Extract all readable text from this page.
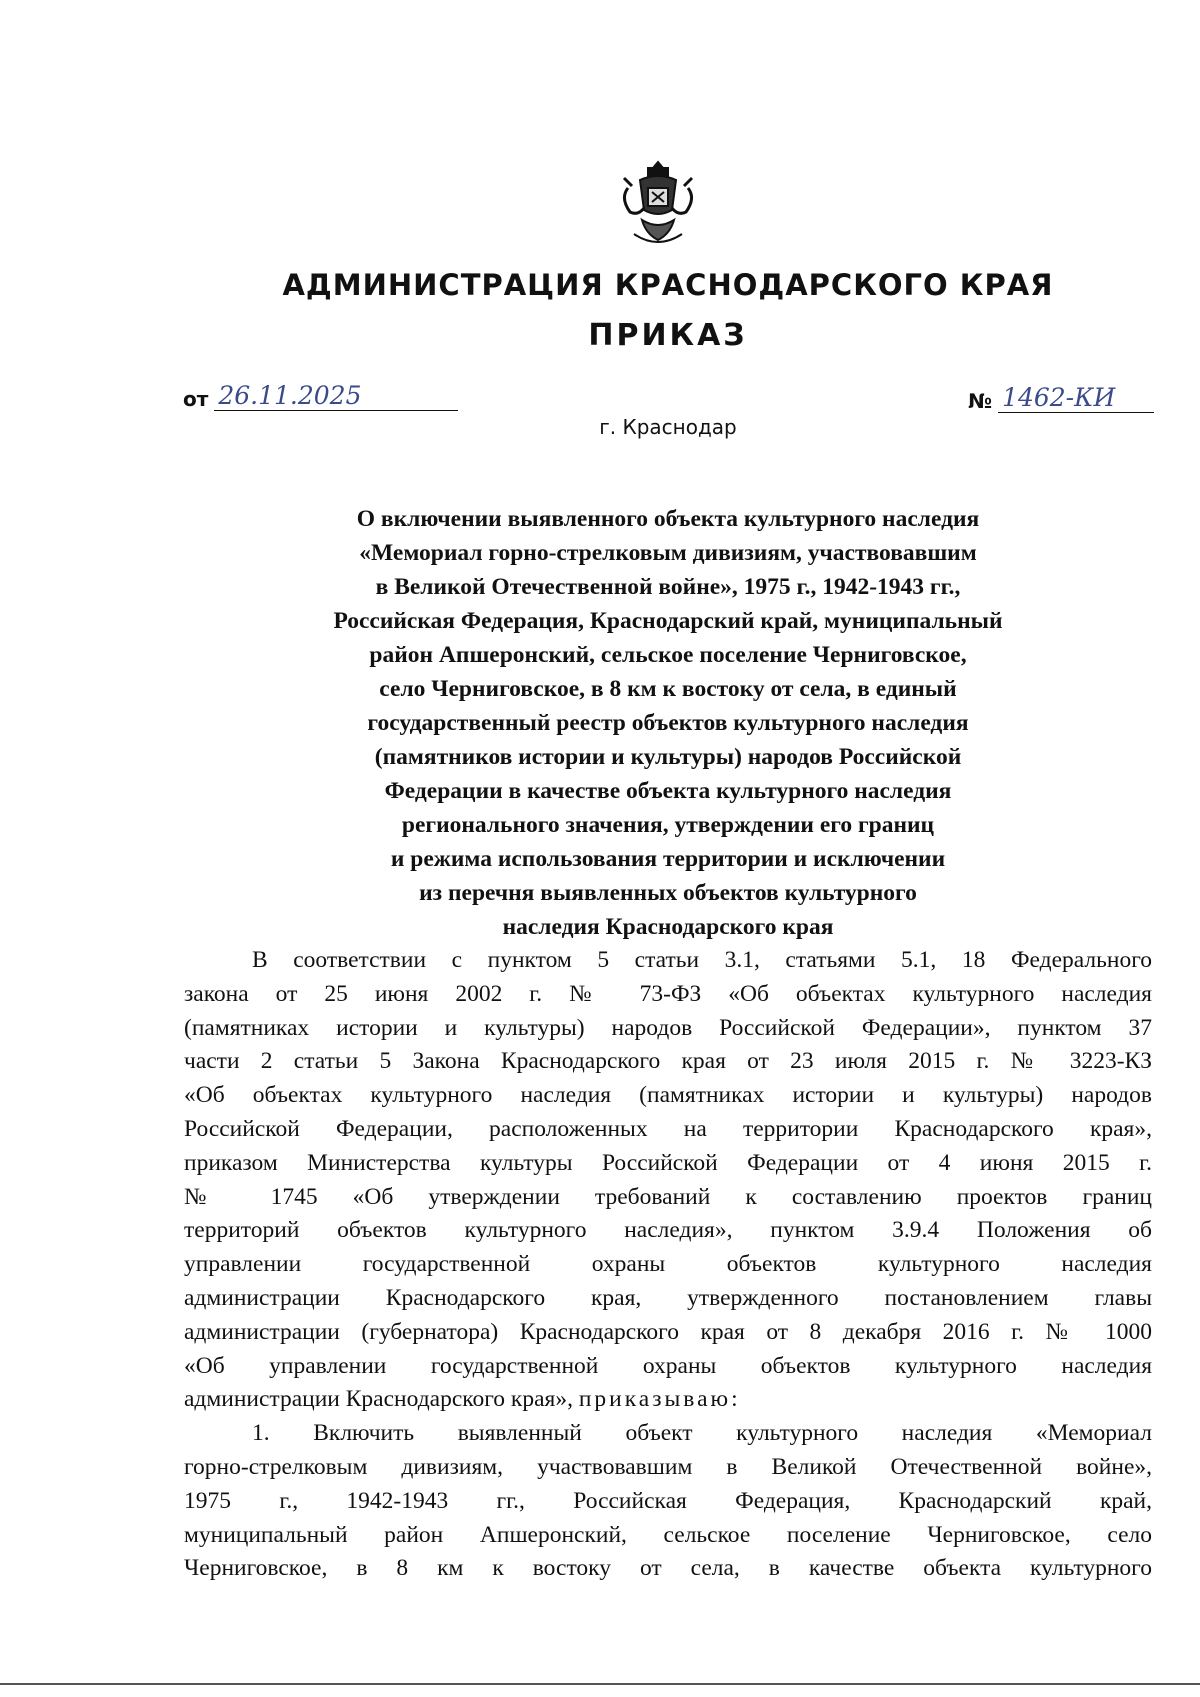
АДМИНИСТРАЦИЯ КРАСНОДАРСКОГО КРАЯ
ПРИКАЗ
от 26.11.2025	№ 1462-КИ
г. Краснодар
О включении выявленного объекта культурного наследия
«Мемориал горно-стрелковым дивизиям, участвовавшим
в Великой Отечественной войне», 1975 г., 1942-1943 гг.,
Российская Федерация, Краснодарский край, муниципальный
район Апшеронский, сельское поселение Черниговское,
село Черниговское, в 8 км к востоку от села, в единый
государственный реестр объектов культурного наследия
(памятников истории и культуры) народов Российской
Федерации в качестве объекта культурного наследия
регионального значения, утверждении его границ
и режима использования территории и исключении
из перечня выявленных объектов культурного
наследия Краснодарского края
В соответствии с пунктом 5 статьи 3.1, статьями 5.1, 18 Федерального
закона от 25 июня 2002 г. № 73-ФЗ «Об объектах культурного наследия
(памятниках истории и культуры) народов Российской Федерации», пунктом 37
части 2 статьи 5 Закона Краснодарского края от 23 июля 2015 г. № 3223-КЗ
«Об объектах культурного наследия (памятниках истории и культуры) народов
Российской Федерации, расположенных на территории Краснодарского края»,
приказом Министерства культуры Российской Федерации от 4 июня 2015 г.
№ 1745 «Об утверждении требований к составлению проектов границ
территорий объектов культурного наследия», пунктом 3.9.4 Положения об
управлении государственной охраны объектов культурного наследия
администрации Краснодарского края, утвержденного постановлением главы
администрации (губернатора) Краснодарского края от 8 декабря 2016 г. № 1000
«Об управлении государственной охраны объектов культурного наследия
администрации Краснодарского края», приказываю:
1. Включить выявленный объект культурного наследия «Мемориал
горно-стрелковым дивизиям, участвовавшим в Великой Отечественной войне»,
1975 г., 1942-1943 гг., Российская Федерация, Краснодарский край,
муниципальный район Апшеронский, сельское поселение Черниговское, село
Черниговское, в 8 км к востоку от села, в качестве объекта культурного
